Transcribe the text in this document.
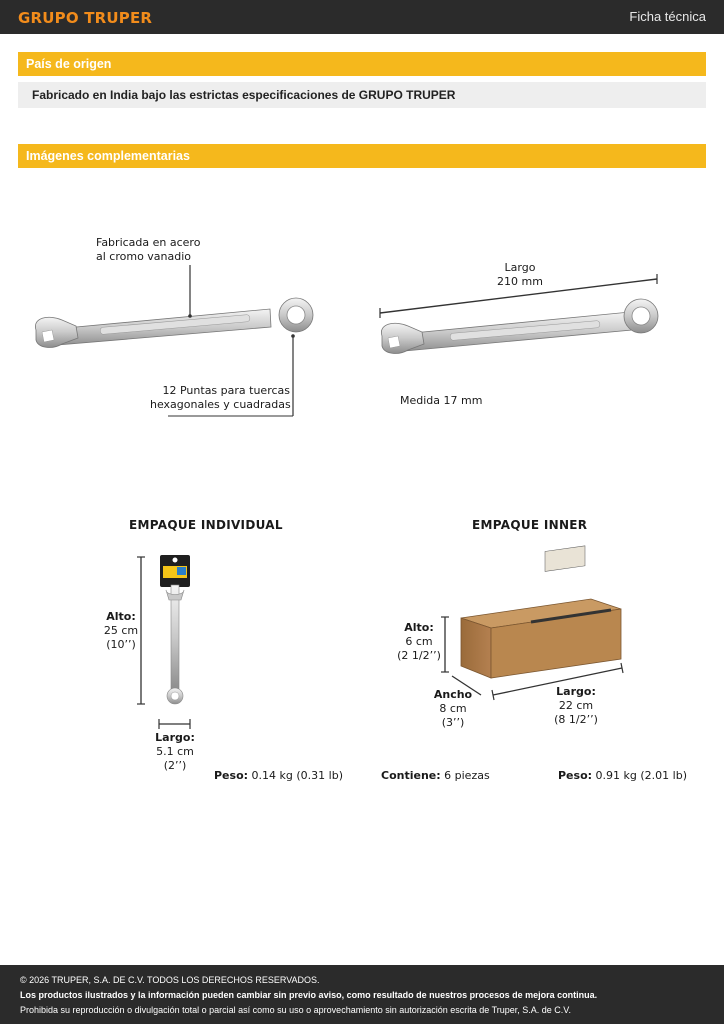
GRUPO TRUPER	Ficha técnica
País de origen
Fabricado en India bajo las estrictas especificaciones de GRUPO TRUPER
Imágenes complementarias
Fabricada en acero
al cromo vanadio
12 Puntas para tuercas
hexagonales y cuadradas
Largo
210 mm
Medida 17 mm
EMPAQUE INDIVIDUAL
Alto:
25 cm
(10’’)
Largo:
5.1 cm
(2’’)
Peso: 0.14 kg (0.31 lb)
EMPAQUE INNER
Alto:
6 cm
(2 1/2’’)
Ancho
8 cm
(3’’)
Largo:
22 cm
(8 1/2’’)
Contiene: 6 piezas	Peso: 0.91 kg (2.01 lb)

© 2026 TRUPER, S.A. DE C.V. TODOS LOS DERECHOS RESERVADOS.

Los productos ilustrados y la información pueden cambiar sin previo aviso, como resultado de nuestros procesos de mejora continua.

Prohibida su reproducción o divulgación total o parcial así como su uso o aprovechamiento sin autorización escrita de Truper, S.A. de C.V.
